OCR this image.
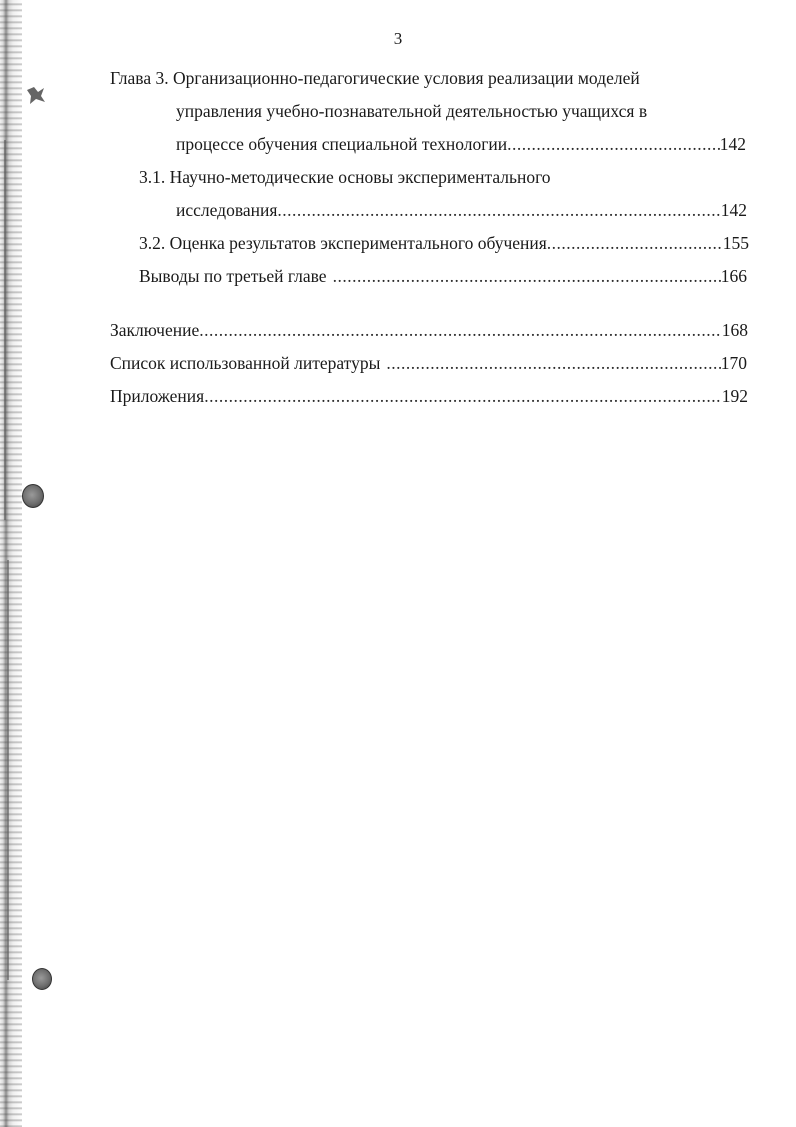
3
Глава 3. Организационно-педагогические условия реализации моделей
управления учебно-познавательной деятельностью учащихся в
процессе обучения специальной технологии .....	142
3.1. Научно-методические основы экспериментального
исследования .....	142
3.2. Оценка результатов экспериментального обучения .....	155
Выводы по третьей главе .....	166
Заключение .....	168
Список использованной литературы .....	170
Приложения .....	192
